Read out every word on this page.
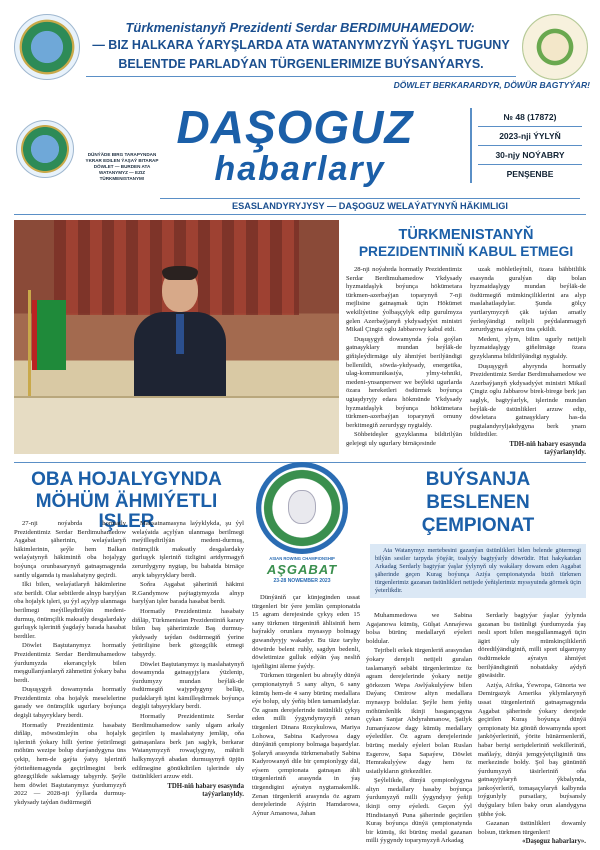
Türkmenistanyň Prezidenti Serdar BERDIMUHAMEDOW:
— BIZ HALKARA ÝARYŞLARDA ATA WATANYMYZYŇ ÝAŞYL TUGUNY
BELENTDE PARLADÝAN TÜRGENLERIMIZE BUÝSANÝARYS.
DÖWLET BERKARARDYR, DÖWÜR BAGTYÝAR!
DÜNÝÄDE BIRG TARAPYNDAN YKRAR EDILEN ÝAŞAÝ BITARAP DÖWLET — BURDEN ATA WATANYMYZ — EZIZ TÜRKMENISTANYM!
DAŞOGUZ
habarlary
№ 48 (17872)
2023-nji ÝYLYŇ
30-njy NOÝABRY
PENŞENBE
ESASLANDYRYJYSY — DAŞOGUZ WELAÝATYNYŇ HÄKIMLIGI
TÜRKMENISTANYŇ
PREZIDENTINIŇ KABUL ETMEGI

28-nji noýabrda hormatly Prezidentimiz Serdar Berdimuhamedow Ykdysady hyzmatdaşlyk boýunça hökümetara türkmen-azerbaýjan toparynyň 7-nji mejlisine gatnaşmak üçin Hökümet wekiliýetine ýolbaşçylyk edip gurulmyza gelen Azerbaýjanyň ykdysadyýet ministri Mikail Çingiz oglu Jabbarowy kabul etdi.

Duşuşygyň dowamynda ýola goýlan gatnaşyklary mundan beýläk-de giňişleýdirmäge uly ähmiýet berilýändigi bellenildi, söwda-ykdysady, energetika, ulag-kommunikasiýa, ylmy-tehniki, medeni-ynsanperwer we beýleki ugurlarda özara hereketleri ösdürmek boýunça ugtaşdyryjy edara hökmünde Ykdysady hyzmatdaşlyk boýunça hökümetara türkmen-azerbaýjan toparynyň ornuny berkitmegiň zerurdygy nygtaldy.

Söhbetdeşler gyzyklanma bildirilýän gelejegi uly ugurlary birnäçesinde

uzak möhletleýinli, özara bähbitlilik esasynda guralýan däp bolan hyzmatdaşlygy mundan beýläk-de ösdürmegiň mümkinçiliklerini ara alyp maslahatlaşdylar. Şunda gölçy yurtlarymyzyň çäk taýdan amatly ýerleşýändigi nelijeli peýdalanmagyň zerurdygyna aýratyn üns çekildi.

Medeni, ylym, bilim ugurly netijeli hyzmatdaşlygy giňeltmäge özara gyzyklanma bildirilýändigi nygtaldy.

Duşuşygyň ahyrynda hormatly Prezidentimiz Serdar Berdimuhamedow we Azerbaýjanyň ykdysadyýet ministri Mikail Çingiz oglu Jabbarow birek-birege berk jan saglyk, bagtyýarlyk, işlerinde mundan beýläk-de üstünlikleri arzuw edip, döwletara gatnaşyklary has-da pugtalandyryljakdygyna berk ynam bildirdiler.

TDH-niň habary esasynda
taýýarlanyldy.
OBA HOJALYGYNDA
MÖHÜM ÄHMIÝETLI IŞLER

27-nji noýabrda hormatly Prezidentimiz Serdar Berdimuhamedow Aşgabat şäherinin, welaýatlaryň häkimlerinin, şeýle hem Balkan welaýatynyň häkiminiň oba hojalygy boýunça orunbasarynyň gatnaşmagynda santly ulgamda iş maslahatyny geçirdi.

Ilki bilen, welaýatlaryň häkimlerine söz berildi. Olar sebitlerde alnyp barylýan oba hojalyk işleri, şu ýyl açylyp ulanmaga berilmegi meýilleşdirilýän medeni-durmuş, önümçilik maksatly desgalardaky gurluşyk işleriniň ýagdaýy barada hasabat berdiler.

Döwlet Baştutanymyz hormatly Prezidentimiz Serdar Berdimuhamedow ýurdumyzda ekerançylyk bilen meşgullanýanlaryň zähmetini ýokary baha berdi.

Duşuşygyň dowamynda hormatly Prezidentimiz oba hojalyk meselelerine garady we önümçilik ugurlary boýunça degişli tabşyryklary berdi.

Hormatly Prezidentimiz hasabaty diňläp, möwsümleýin oba hojalyk işleriniň ýokary hilli ýerine ýetirilmegi möhüm wezipe bolup durýandygyna üns çekip, hem-de gaýta ýatyş işleriniň ýöriteňtemagynda geçirilmegini berk gözegçilikde saklamagy tabşyrdy. Şeýle hem döwlet Baştutanymyz ýurdumyzyň 2022 — 2028-nji ýyllarda durmuş-ykdysady taýdan ösdürmegiň

Maksatnamasyna laýyklykda, şu ýyl welaýatda açylýan ulanmaga berilmegi meýilleşdirilýän medeni-durmuş, önümçilik maksatly desgalardaky gurluşyk işleriniň tizligini artdyrmagyň zerurdygyny nygtap, bu babatda birnäçe anyk tabşyryklary berdi.

Soňra Aşgabat şäheriniň häkimi R.Gandymow paýtagtymyzda alnyp barylýan işler barada hasabat berdi.

Hormatly Prezidentimiz hasabaty diňläp, Türkmenistan Prezidentiniň karary bilen baş şäherimizde Baş durmuş-ykdysady taýdan ösdürmegiň ýerine ýetirilişine berk gözegçilik etmegi tabşyrdy.

Döwlet Baştutanymyz iş maslahatynyň dowamynda gatnaşyjylara ýüzlenip, ýurdumyzy mundan beýläk-de ösdürmegiň wajypdygyny belläp, pudaklaryň işini kämilleşdirmek boýunça degişli tabşyryklary berdi.

Hormatly Prezidentimiz Serdar Berdimuhamedow sanly ulgam arkaly geçirilen iş maslahatyny jemläp, oňa gatnaşanlara berk jan saglyk, berkarar Watanymyzyň rowaçlygyny, mähirli halkymyzyň abadan durmuşynyň üpjün edilmegine gönükdirilen işlerinde uly üstünlikleri arzuw etdi.

TDH-niň habary esasynda
taýýarlanyldy.
ASIAN ROWING CHAMPIONSHIP
AŞGABAT
23-28 NOWEMBER 2023
BUÝSANJA
BESLENEN
ÇEMPIONAT
Ata Watanymyz mertebesini gazanýan üstünlikleri bilen belende götermegi bilýän sesiler tarpyda ýöşýär, toalyýy bagtyýarly döwrüdir. Hut hakykatdan Arkadag Serdarly bagtyýar ýaşlar ýylynyň uly wakálary dowam eden Aşgabat şäherinde geçen Kurag boýunça Aziýa çempionatynda biziň türkmen türgenlerimiz gazanan üstünlikleri netijede ýeňişlerimiz myssyuinda görmek üçin ýeterlikdir.

Dünýäniň çar künjeginden ussat türgenleri bir ýere jemlän çempionatda 15 agram derejesinde çykyş eden 15 sany türkmen türgeniniň ählisiniň hem baýrakly orunlara mynasyp bolmagy guwandyryjy wakadyr. Bu täze taryhy döwürde belent ruhly, sagdyn bedenli, döwletimize gulluk edýän ýaş nesliň işjeňligini äleme ýaýdy.

Türkmen türgenleri bu abraýly dünýä çempionatynyň 5 sany altyn, 6 sany kümüş hem-de 4 sany bürünç medallara eýe bolup, uly ýeňiş bilen tamamladylar. Öz agram derejelerinde üstünlikli çykyş eden milli ýygyndymyzyň zenan türgenleri Dinara Rozykulowa, Mariya Lohowa, Sabina Kadyrowa dagy dünýäniň çempiony bolmaga başardylar. Şolaryň arasynda türkmenabatly Sabina Kadyrowanyň dile bir çempionlygy däl, eýsem çempionata gatnaşan ähli türgenleriniň arasynda in ýaş türgendigini aýratyn nygtamakenlik. Zenan türgenleriň arasynda öz agram derejelerinde Aýşirin Hamdarowa, Aýnur Amanowa, Jahan

Muhammedowa we Sabina Agajanowa kümüş, Gülşat Annaýewa bolsa bürünç medallaryň eýeleri boldular.

Tejribeli erkek türgenleriň arasyndan ýokary derejeli netijeli guralan taslamanyň sebäbi türgenlerimize öz agram derejelerinde ýokary netije görkezen Wepa Awlýakulyýew bilen Daýanç Omirow altyn medallara mynasyp boldular. Şeýle hem ýeňiş möhümlenlik ikinji basgançagyna çykan Sanjar Abdyrahmanow, Şatlyk Jumanýazow dagy kümüş medallary eýelediler. Öz agram derejelerinde bürünç medaly eýeleri bolan Ruslan Esgerow, Sapa Sapaýew, Döwlet Hemrakulyýew dagy hem öz usiatlykların görkezdiler.

Şeýlelikde, dünýä çempionlygyna altyn medallary hasaby boýunça ýurdumyzyň milli ýygyndysy ýeňiji ikinji orny eýeledi. Geçen ýyl Hindistanyň Puna şäherinde geçirilen Kuraş boýunça dünýä çempionatynda bir kümüş, iki bürünç medal gazanan milli ýygyndy toparymyzyň Arkadag

Serdarly bagtyýar ýaşlar ýylynda gazanan bu üstünligi ýurdumyzda ýaş nesli sport bilen meşgullanmagyň üçin ägirt uly mümkinçilikleriň döredilýändiginiň, milli sport ulgamyny ösdürmekde aýratyn ähmiýet berilýändiginiň nobatdaky aýdyň güwäsidir.

Aziýa, Afrika, Ýewropa, Günorta we Demirgazyk Amerika yklymlarynyň ussat türgenleriniň gatnaşmagynda Aşgabat şäherinde ýokary derejede geçirilen Kuraş boýunça dünýä çempionaty biz gönüň dowamynda sport janköýerleriniň, ýörite hünärmenleriň, habar berişi serişdeleriniň wekilleriniň, maňlaýy, dünýä jemgyýetçiliginiň üns merkezinde boldy. Şol baş gününüň ýurdumyzyň täsirleriniň oňa gatnaşyjylaryň ýkbalynda, jankoýerleriň, tomaşaçylaryň kalbynda toýgunlyly pursatlary, buýsansly duýgulary bilen baky orun alandygyna şübhe ýok.

Gazanan üstünlikleri dowamly bolsun, türkmen türgenleri!

«Daşoguz habarlary».
